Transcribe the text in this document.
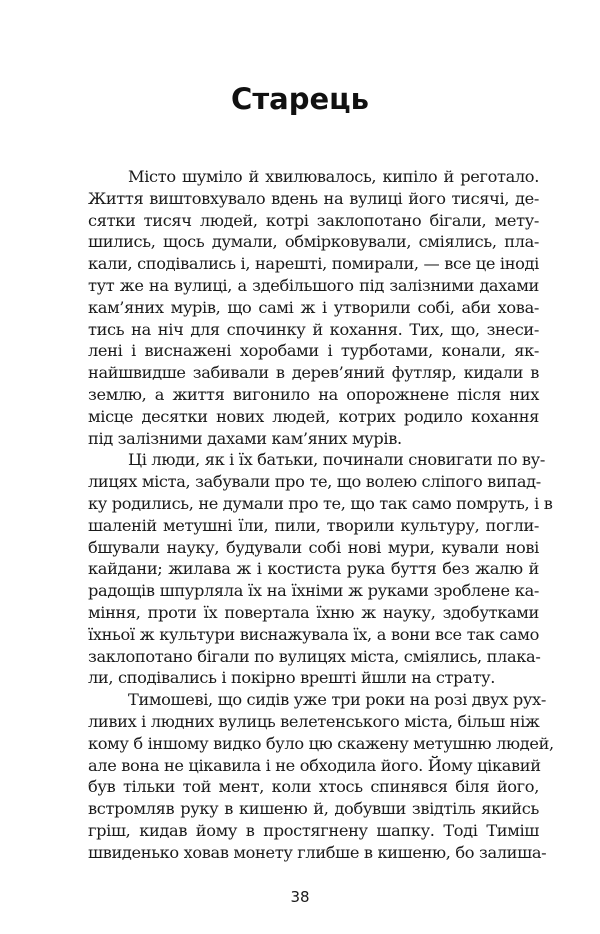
Старець
Місто шуміло й хвилювалось, кипіло й реготало.
Життя виштовхувало вдень на вулиці його тисячі, де-
сятки тисяч людей, котрі заклопотано бігали, мету-
шились, щось думали, обмірковували, сміялись, пла-
кали, сподівались і, нарешті, помирали, — все це іноді
тут же на вулиці, а здебільшого під залізними дахами
кам’яних мурів, що самі ж і утворили собі, аби хова-
тись на ніч для спочинку й кохання. Тих, що, знеси-
лені і виснажені хоробами і турботами, конали, як-
найшвидше забивали в дерев’яний футляр, кидали в
землю, а життя вигонило на опорожнене після них
місце десятки нових людей, котрих родило кохання
під залізними дахами кам’яних мурів.
Ці люди, як і їх батьки, починали сновигати по ву-
лицях міста, забували про те, що волею сліпого випад-
ку родились, не думали про те, що так само помруть, і в
шаленій метушні їли, пили, творили культуру, погли-
бшували науку, будували собі нові мури, кували нові
кайдани; жилава ж і костиста рука буття без жалю й
радощів шпурляла їх на їхніми ж руками зроблене ка-
міння, проти їх повертала їхню ж науку, здобутками
їхньої ж культури виснажувала їх, а вони все так само
заклопотано бігали по вулицях міста, сміялись, плака-
ли, сподівались і покірно врешті йшли на страту.
Тимошеві, що сидів уже три роки на розі двух рух-
ливих і людних вулиць велетенського міста, більш ніж
кому б іншому видко було цю скажену метушню людей,
але вона не цікавила і не обходила його. Йому цікавий
був тільки той мент, коли хтось спинявся біля його,
встромляв руку в кишеню й, добувши звідтіль якийсь
гріш, кидав йому в простягнену шапку. Тоді Тиміш
швиденько ховав монету глибше в кишеню, бо залиша-
38
